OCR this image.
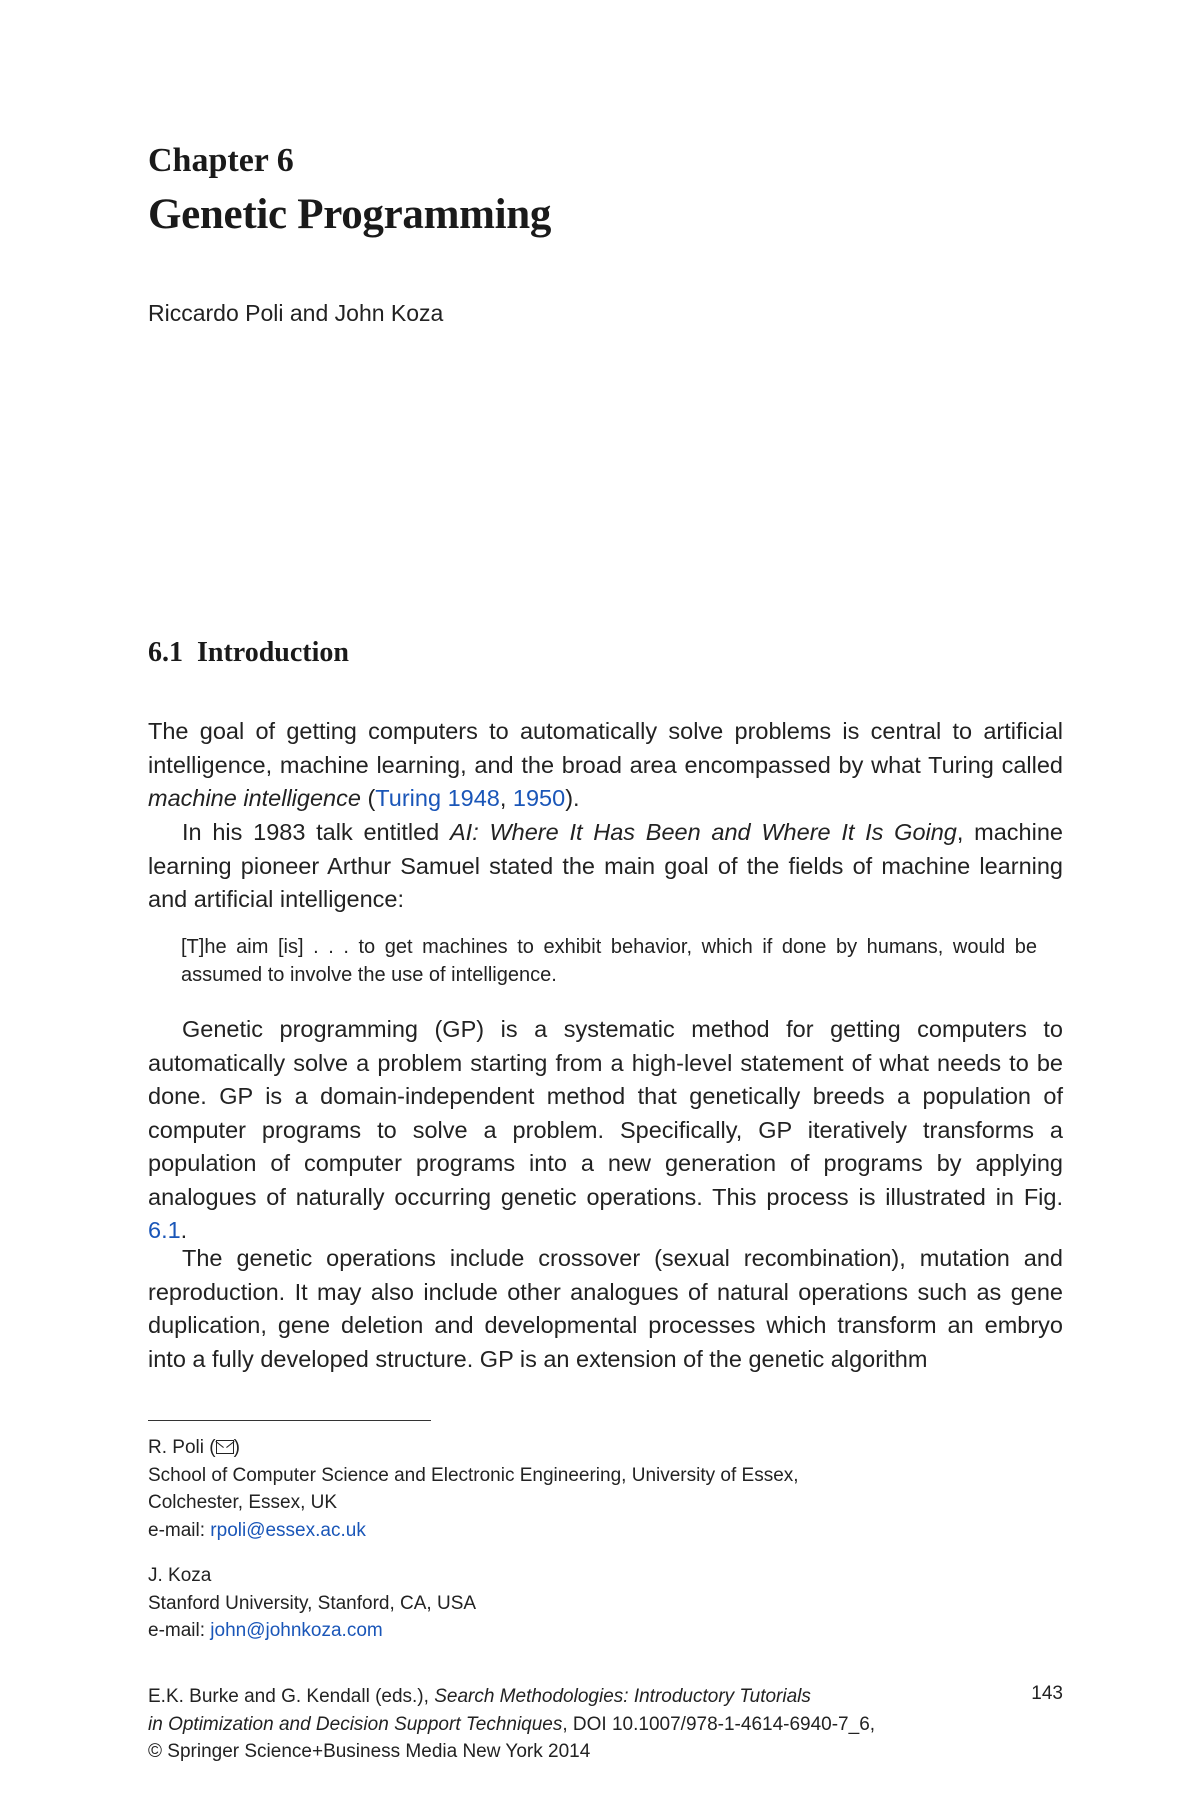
Chapter 6
Genetic Programming
Riccardo Poli and John Koza
6.1 Introduction

The goal of getting computers to automatically solve problems is central to artificial intelligence, machine learning, and the broad area encompassed by what Turing called machine intelligence (Turing 1948, 1950).

In his 1983 talk entitled AI: Where It Has Been and Where It Is Going, machine learning pioneer Arthur Samuel stated the main goal of the fields of machine learning and artificial intelligence:

[T]he aim [is] . . . to get machines to exhibit behavior, which if done by humans, would be assumed to involve the use of intelligence.

Genetic programming (GP) is a systematic method for getting computers to automatically solve a problem starting from a high-level statement of what needs to be done. GP is a domain-independent method that genetically breeds a population of computer programs to solve a problem. Specifically, GP iteratively transforms a population of computer programs into a new generation of programs by applying analogues of naturally occurring genetic operations. This process is illustrated in Fig. 6.1.

The genetic operations include crossover (sexual recombination), mutation and reproduction. It may also include other analogues of natural operations such as gene duplication, gene deletion and developmental processes which transform an embryo into a fully developed structure. GP is an extension of the genetic algorithm

R. Poli ( )
School of Computer Science and Electronic Engineering, University of Essex,
Colchester, Essex, UK
e-mail: rpoli@essex.ac.uk
J. Koza
Stanford University, Stanford, CA, USA
e-mail: john@johnkoza.com
E.K. Burke and G. Kendall (eds.), Search Methodologies: Introductory Tutorials
in Optimization and Decision Support Techniques, DOI 10.1007/978-1-4614-6940-7_6,
© Springer Science+Business Media New York 2014
143
